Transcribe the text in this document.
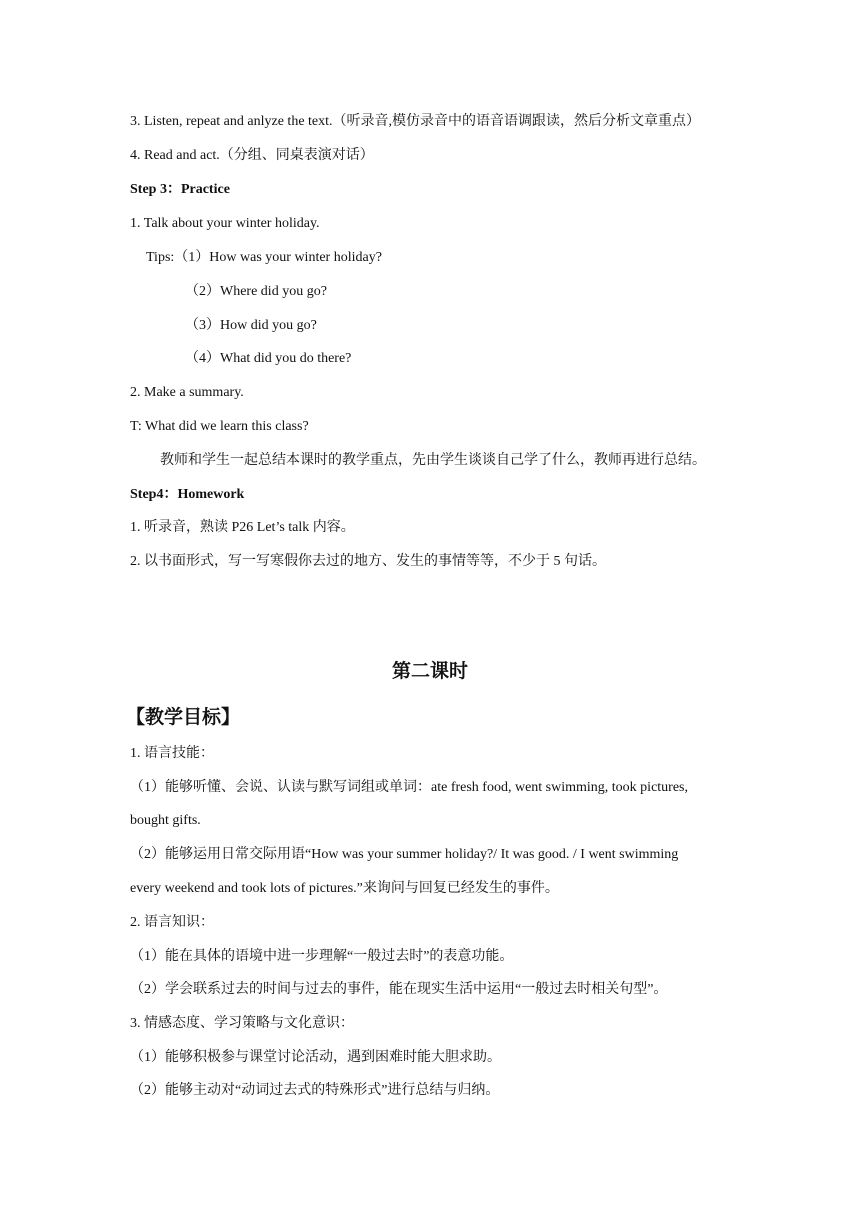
3. Listen, repeat and anlyze the text.（听录音,模仿录音中的语音语调跟读，然后分析文章重点）
4. Read and act.（分组、同桌表演对话）
Step 3：Practice
1. Talk about your winter holiday.
Tips:（1）How was your winter holiday?
（2）Where did you go?
（3）How did you go?
（4）What did you do there?
2. Make a summary.
T: What did we learn this class?
教师和学生一起总结本课时的教学重点，先由学生谈谈自己学了什么，教师再进行总结。
Step4：Homework
1. 听录音，熟读 P26 Let’s talk 内容。
2. 以书面形式，写一写寒假你去过的地方、发生的事情等等，不少于 5 句话。
第二课时
【教学目标】
1. 语言技能：
（1）能够听懂、会说、认读与默写词组或单词：ate fresh food, went swimming, took pictures,
bought gifts.
（2）能够运用日常交际用语“How was your summer holiday?/ It was good. / I went swimming
every weekend and took lots of pictures.”来询问与回复已经发生的事件。
2. 语言知识：
（1）能在具体的语境中进一步理解“一般过去时”的表意功能。
（2）学会联系过去的时间与过去的事件，能在现实生活中运用“一般过去时相关句型”。
3. 情感态度、学习策略与文化意识：
（1）能够积极参与课堂讨论活动，遇到困难时能大胆求助。
（2）能够主动对“动词过去式的特殊形式”进行总结与归纳。
